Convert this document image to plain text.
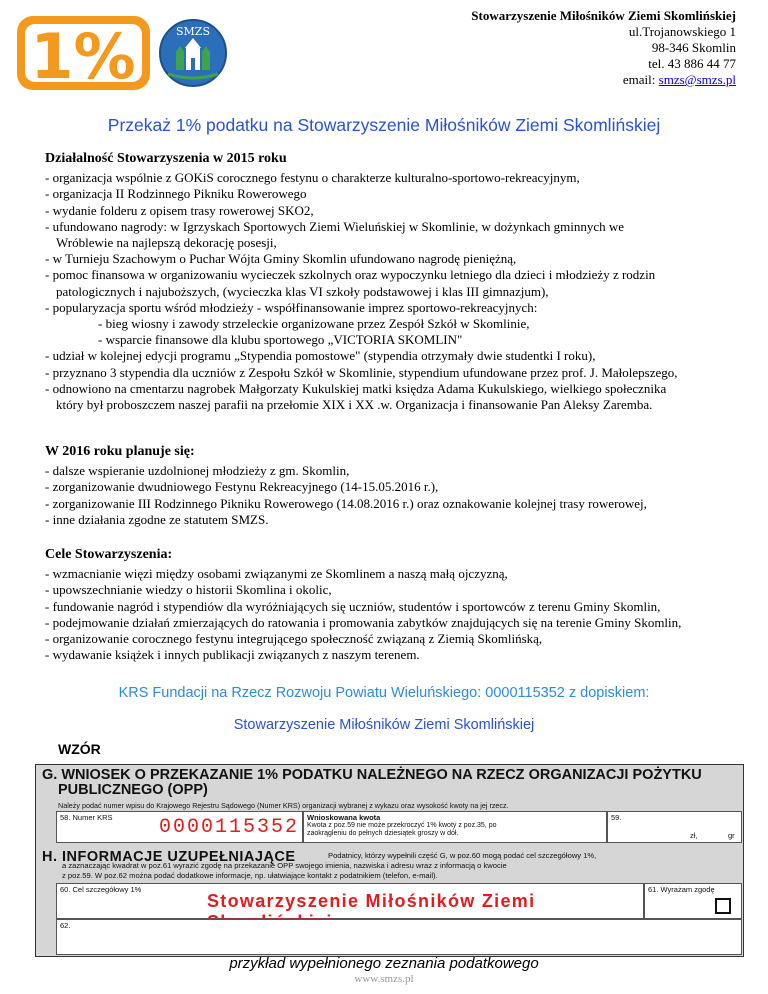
1%	SMZS
Stowarzyszenie Miłośników Ziemi Skomlińskiej
ul.Trojanowskiego 1
98-346 Skomlin
tel. 43 886 44 77
email: smzs@smzs.pl
Przekaż 1% podatku na Stowarzyszenie Miłośników Ziemi Skomlińskiej
Działalność Stowarzyszenia w 2015 roku
- organizacja wspólnie z GOKiS corocznego festynu o charakterze kulturalno-sportowo-rekreacyjnym,
- organizacja II Rodzinnego Pikniku Rowerowego
- wydanie folderu z opisem trasy rowerowej SKO2,
- ufundowano nagrody: w Igrzyskach Sportowych Ziemi Wieluńskiej w Skomlinie, w dożynkach gminnych we
Wróblewie na najlepszą dekorację posesji,
- w Turnieju Szachowym o Puchar Wójta Gminy Skomlin ufundowano nagrodę pieniężną,
- pomoc finansowa w organizowaniu wycieczek szkolnych oraz wypoczynku letniego dla dzieci i młodzieży z rodzin
patologicznych i najuboższych, (wycieczka klas VI szkoły podstawowej i klas III gimnazjum),
- popularyzacja sportu wśród młodzieży - współfinansowanie imprez sportowo-rekreacyjnych:
- bieg wiosny i zawody strzeleckie organizowane przez Zespół Szkół w Skomlinie,
- wsparcie finansowe dla klubu sportowego „VICTORIA SKOMLIN"
- udział w kolejnej edycji programu „Stypendia pomostowe" (stypendia otrzymały dwie studentki I roku),
- przyznano 3 stypendia dla uczniów z Zespołu Szkół w Skomlinie, stypendium ufundowane przez prof. J. Małolepszego,
- odnowiono na cmentarzu nagrobek Małgorzaty Kukulskiej matki księdza Adama Kukulskiego, wielkiego społecznika
który był proboszczem naszej parafii na przełomie XIX i XX .w. Organizacja i finansowanie Pan Aleksy Zaremba.
W 2016 roku planuje się:
- dalsze wspieranie uzdolnionej młodzieży z gm. Skomlin,
- zorganizowanie dwudniowego Festynu Rekreacyjnego (14-15.05.2016 r.),
- zorganizowanie III Rodzinnego Pikniku Rowerowego (14.08.2016 r.) oraz oznakowanie kolejnej trasy rowerowej,
- inne działania zgodne ze statutem SMZS.
Cele Stowarzyszenia:
- wzmacnianie więzi między osobami związanymi ze Skomlinem a naszą małą ojczyzną,
- upowszechnianie wiedzy o historii Skomlina i okolic,
- fundowanie nagród i stypendiów dla wyróżniających się uczniów, studentów i sportowców z terenu Gminy Skomlin,
- podejmowanie działań zmierzających do ratowania i promowania zabytków znajdujących się na terenie Gminy Skomlin,
- organizowanie corocznego festynu integrującego społeczność związaną z Ziemią Skomlińską,
- wydawanie książek i innych publikacji związanych z naszym terenem.
KRS Fundacji na Rzecz Rozwoju Powiatu Wieluńskiego: 0000115352 z dopiskiem:
Stowarzyszenie Miłośników Ziemi Skomlińskiej
WZÓR
G. WNIOSEK O PRZEKAZANIE 1% PODATKU NALEŻNEGO NA RZECZ ORGANIZACJI POŻYTKU
PUBLICZNEGO (OPP)
Należy podać numer wpisu do Krajowego Rejestru Sądowego (Numer KRS) organizacji wybranej z wykazu oraz wysokość kwoty na jej rzecz.
58. Numer KRS 0000115352 Wnioskowana kwota
Kwota z poz.59 nie może przekroczyć 1% kwoty z poz.35, po
zaokrągleniu do pełnych dziesiątek groszy w dół.
59.
zł,	gr
H. INFORMACJE UZUPEŁNIAJĄCE	Podatnicy, którzy wypełnili część G, w poz.60 mogą podać cel szczegółowy 1%,
a zaznaczając kwadrat w poz.61 wyrazić zgodę na przekazanie OPP swojego imienia, nazwiska i adresu wraz z informacją o kwocie
z poz.59. W poz.62 można podać dodatkowe informacje, np. ułatwiające kontakt z podatnikiem (telefon, e-mail).
60. Cel szczegółowy 1%
Stowarzyszenie Miłośników Ziemi
61. Wyrażam zgodę
62.
przykład wypełnionego zeznania podatkowego
www.smzs.pl
